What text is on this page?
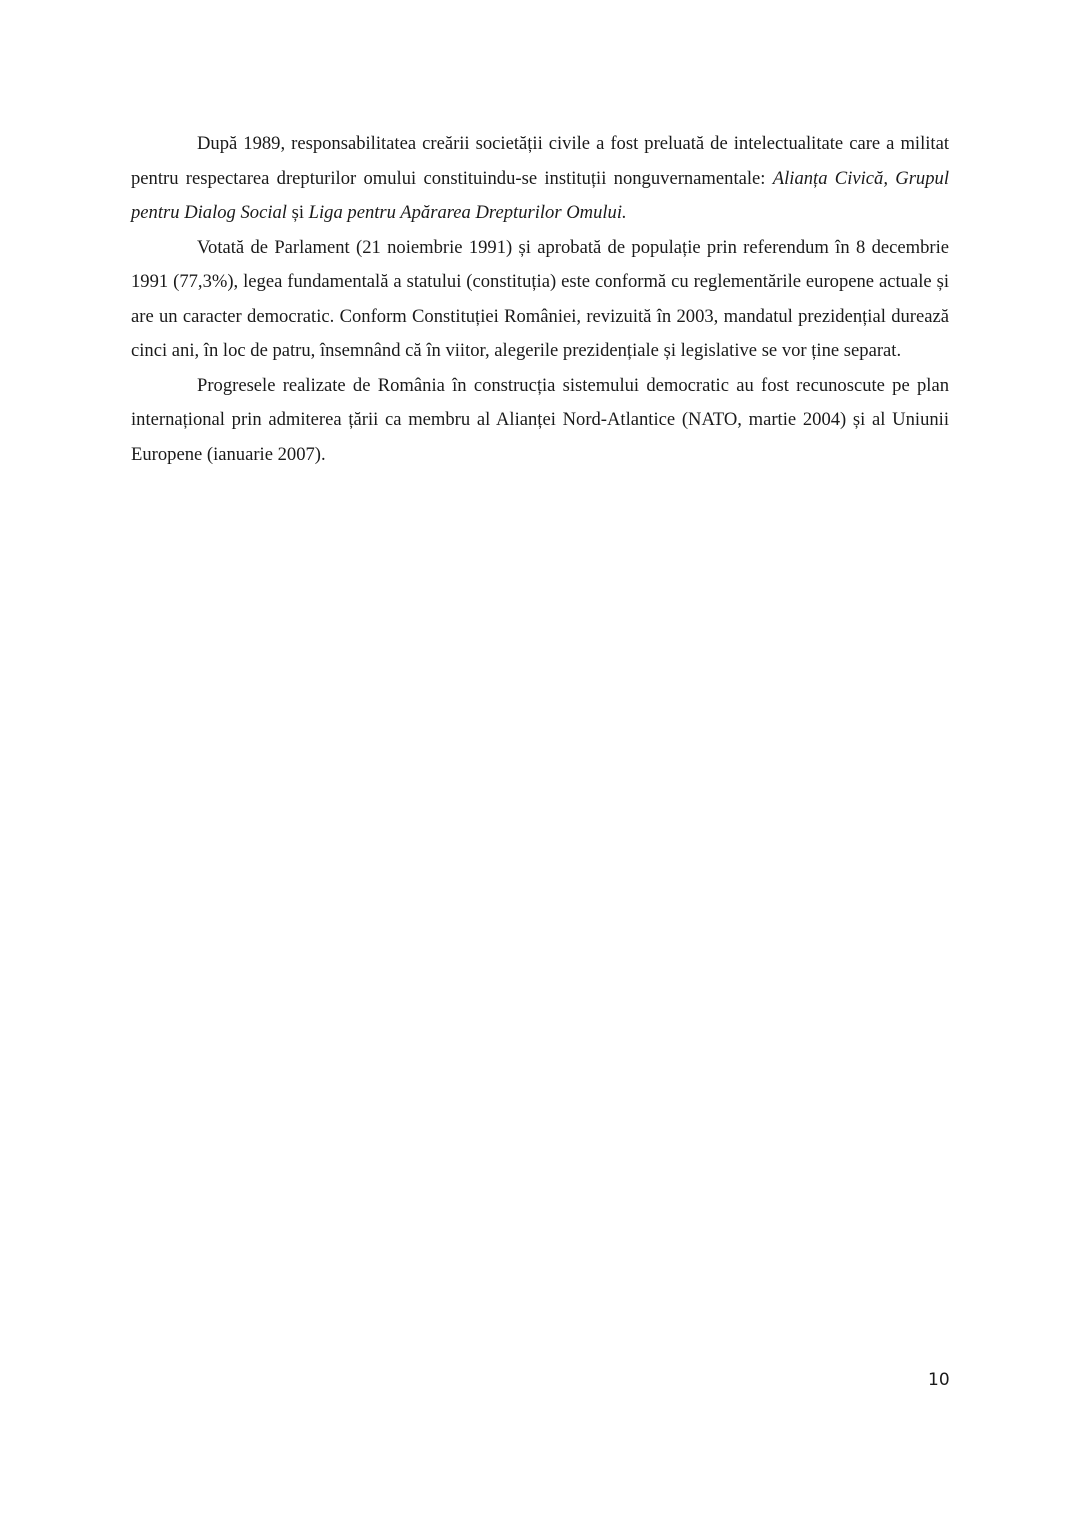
După 1989, responsabilitatea creării societății civile a fost preluată de intelectualitate care a militat pentru respectarea drepturilor omului constituindu-se instituții nonguvernamentale: Alianța Civică, Grupul pentru Dialog Social și Liga pentru Apărarea Drepturilor Omului.

Votată de Parlament (21 noiembrie 1991) și aprobată de populație prin referendum în 8 decembrie 1991 (77,3%), legea fundamentală a statului (constituția) este conformă cu reglementările europene actuale și are un caracter democratic. Conform Constituției României, revizuită în 2003, mandatul prezidențial durează cinci ani, în loc de patru, însemnând că în viitor, alegerile prezidențiale și legislative se vor ține separat.

Progresele realizate de România în construcția sistemului democratic au fost recunoscute pe plan internațional prin admiterea țării ca membru al Alianței Nord-Atlantice (NATO, martie 2004) și al Uniunii Europene (ianuarie 2007).

10
